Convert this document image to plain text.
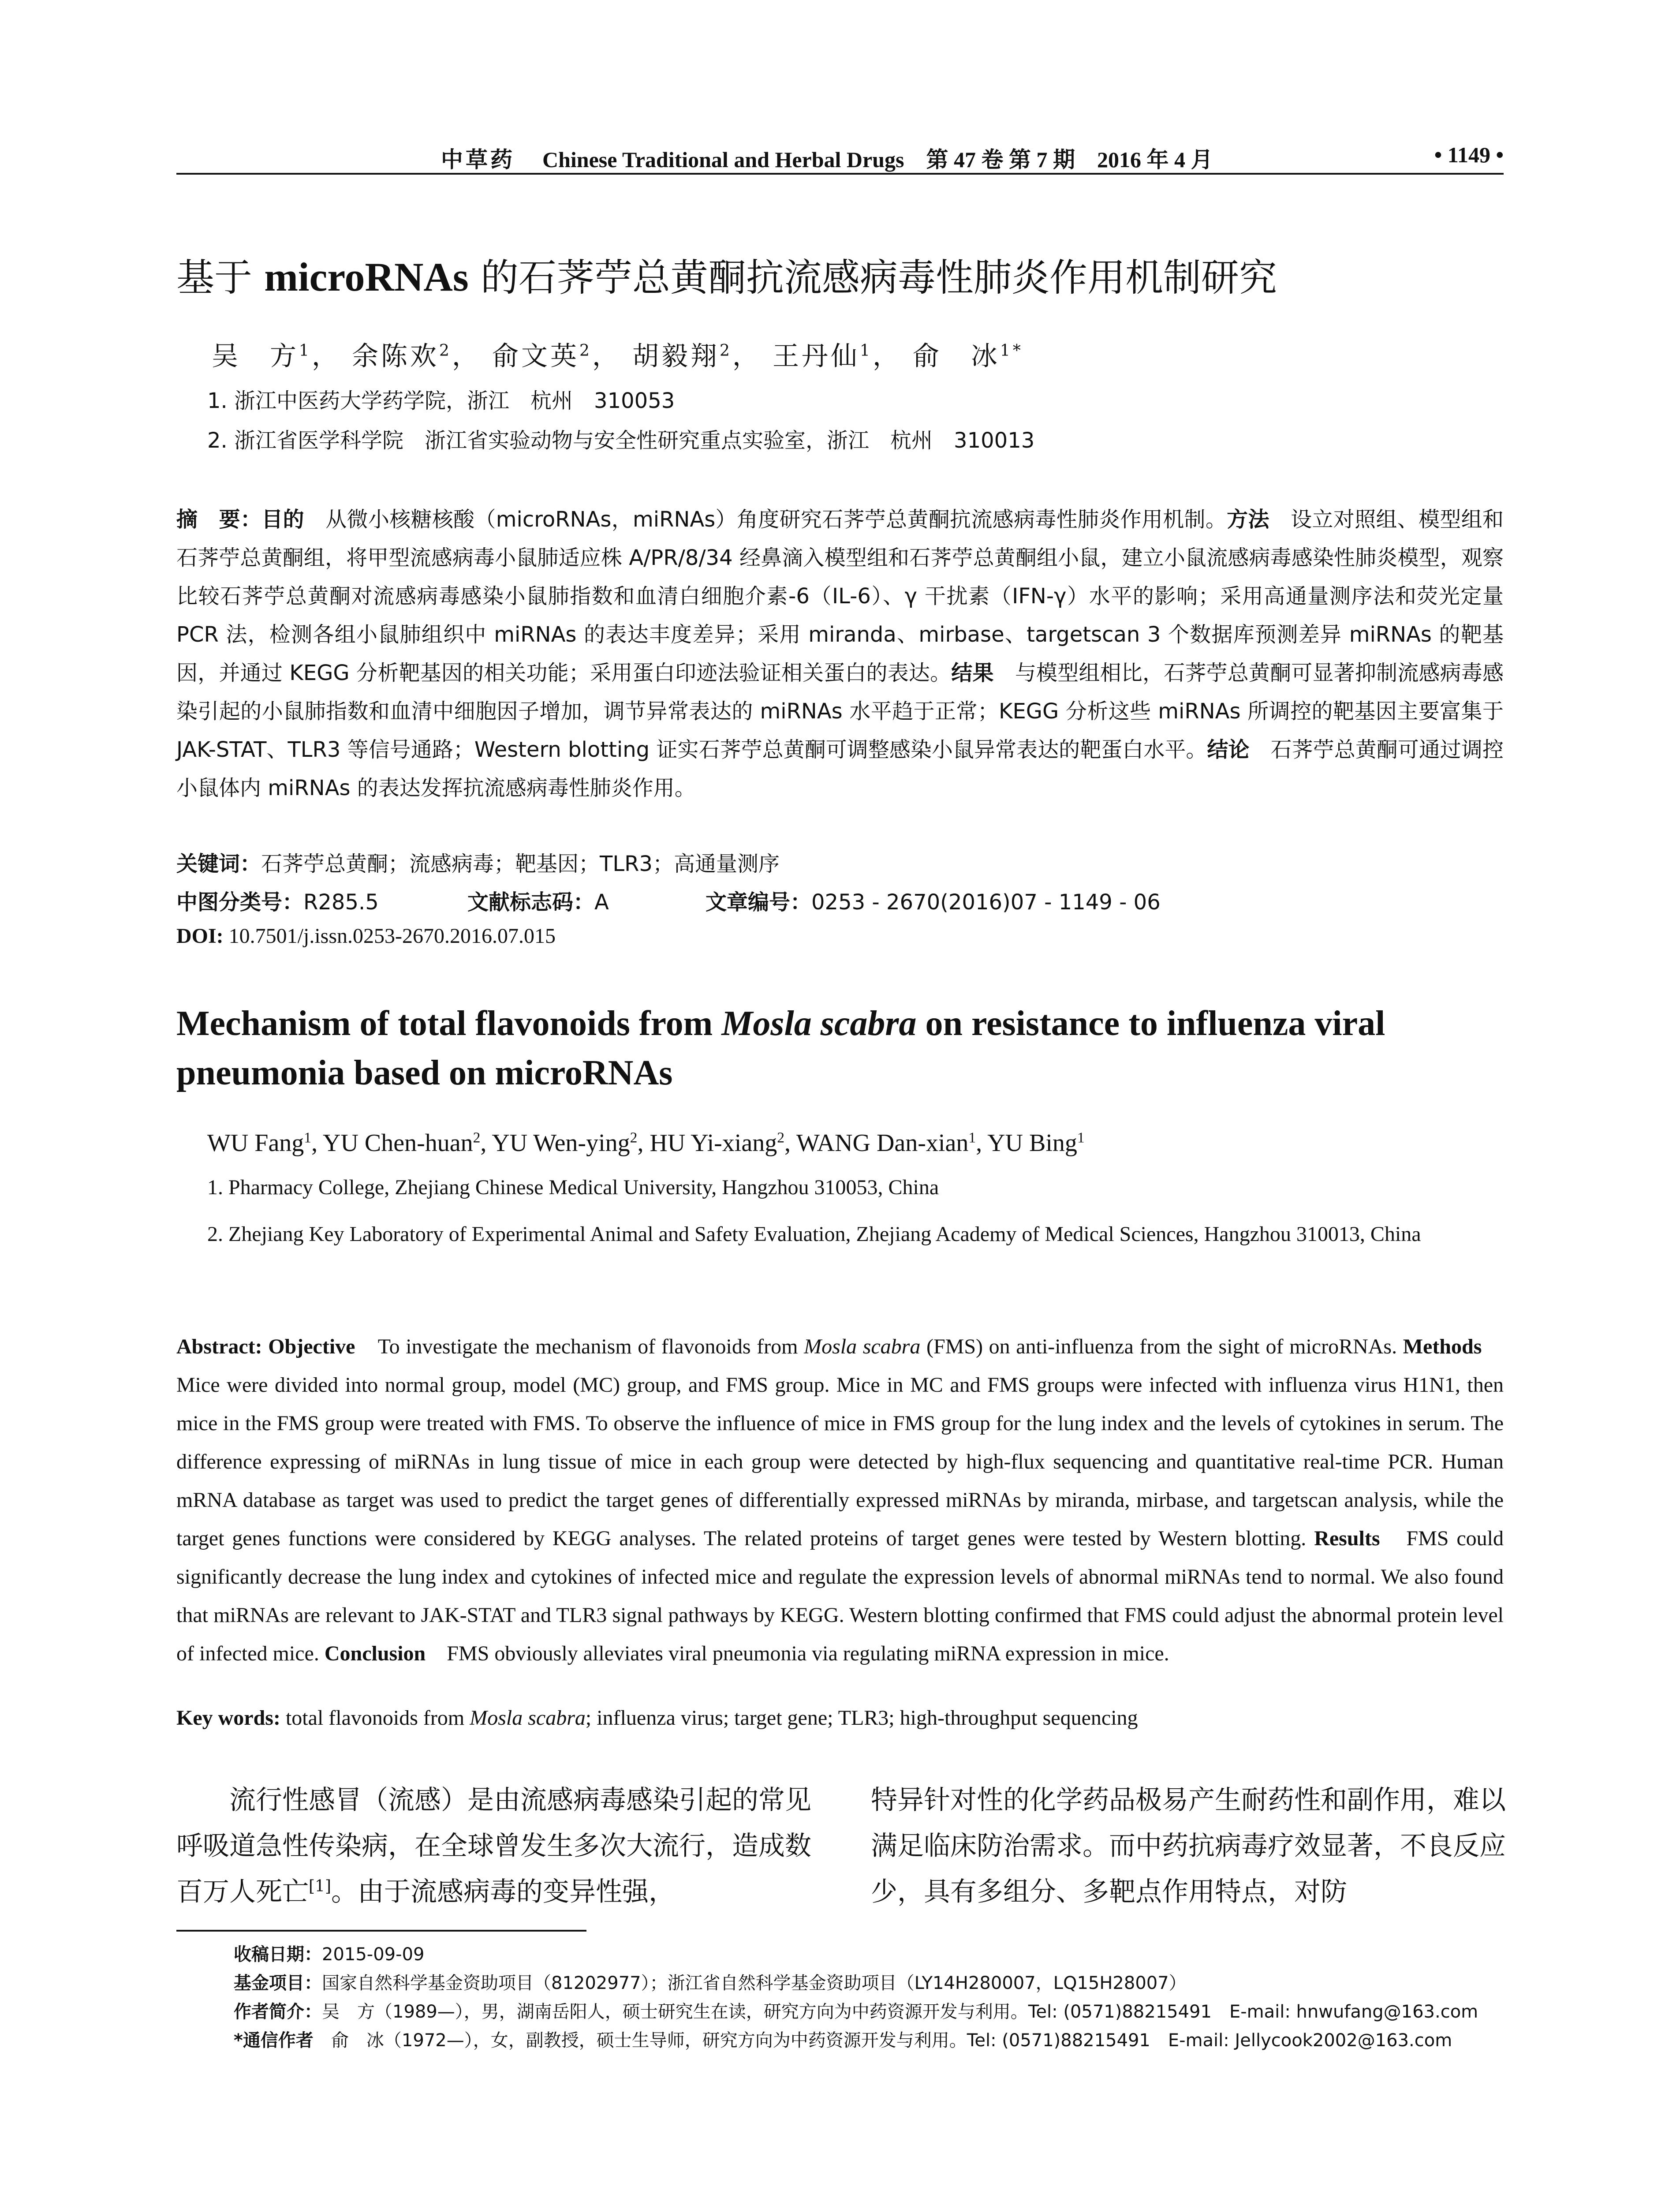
中草药 Chinese Traditional and Herbal Drugs　第 47 卷 第 7 期　2016 年 4 月	• 1149 •
基于 microRNAs 的石荠苧总黄酮抗流感病毒性肺炎作用机制研究
吴　方$^1$， 余陈欢$^2$， 俞文英$^2$， 胡毅翔$^2$， 王丹仙$^1$， 俞　冰$^{1*}$
1. 浙江中医药大学药学院，浙江　杭州　310053
2. 浙江省医学科学院　浙江省实验动物与安全性研究重点实验室，浙江　杭州　310013
摘　要：目的　从微小核糖核酸（microRNAs，miRNAs）角度研究石荠苧总黄酮抗流感病毒性肺炎作用机制。方法　设立对照组、模型组和石荠苧总黄酮组，将甲型流感病毒小鼠肺适应株 A/PR/8/34 经鼻滴入模型组和石荠苧总黄酮组小鼠，建立小鼠流感病毒感染性肺炎模型，观察比较石荠苧总黄酮对流感病毒感染小鼠肺指数和血清白细胞介素-6（IL-6）、γ 干扰素（IFN-γ）水平的影响；采用高通量测序法和荧光定量 PCR 法，检测各组小鼠肺组织中 miRNAs 的表达丰度差异；采用 miranda、mirbase、targetscan 3 个数据库预测差异 miRNAs 的靶基因，并通过 KEGG 分析靶基因的相关功能；采用蛋白印迹法验证相关蛋白的表达。结果　与模型组相比，石荠苧总黄酮可显著抑制流感病毒感染引起的小鼠肺指数和血清中细胞因子增加，调节异常表达的 miRNAs 水平趋于正常；KEGG 分析这些 miRNAs 所调控的靶基因主要富集于 JAK-STAT、TLR3 等信号通路；Western blotting 证实石荠苧总黄酮可调整感染小鼠异常表达的靶蛋白水平。结论　石荠苧总黄酮可通过调控小鼠体内 miRNAs 的表达发挥抗流感病毒性肺炎作用。
关键词：石荠苧总黄酮；流感病毒；靶基因；TLR3；高通量测序
中图分类号：R285.5	文献标志码：A	文章编号：0253 - 2670(2016)07 - 1149 - 06
DOI: 10.7501/j.issn.0253-2670.2016.07.015
Mechanism of total flavonoids from Mosla scabra on resistance to influenza viral pneumonia based on microRNAs
WU Fang$^1$, YU Chen-huan$^2$, YU Wen-ying$^2$, HU Yi-xiang$^2$, WANG Dan-xian$^1$, YU Bing$^1$
1. Pharmacy College, Zhejiang Chinese Medical University, Hangzhou 310053, China
2. Zhejiang Key Laboratory of Experimental Animal and Safety Evaluation, Zhejiang Academy of Medical Sciences, Hangzhou 310013, China
Abstract: Objective　To investigate the mechanism of flavonoids from Mosla scabra (FMS) on anti-influenza from the sight of microRNAs. Methods　Mice were divided into normal group, model (MC) group, and FMS group. Mice in MC and FMS groups were infected with influenza virus H1N1, then mice in the FMS group were treated with FMS. To observe the influence of mice in FMS group for the lung index and the levels of cytokines in serum. The difference expressing of miRNAs in lung tissue of mice in each group were detected by high-flux sequencing and quantitative real-time PCR. Human mRNA database as target was used to predict the target genes of differentially expressed miRNAs by miranda, mirbase, and targetscan analysis, while the target genes functions were considered by KEGG analyses. The related proteins of target genes were tested by Western blotting. Results　FMS could significantly decrease the lung index and cytokines of infected mice and regulate the expression levels of abnormal miRNAs tend to normal. We also found that miRNAs are relevant to JAK-STAT and TLR3 signal pathways by KEGG. Western blotting confirmed that FMS could adjust the abnormal protein level of infected mice. Conclusion　FMS obviously alleviates viral pneumonia via regulating miRNA expression in mice.
Key words: total flavonoids from Mosla scabra; influenza virus; target gene; TLR3; high-throughput sequencing
流行性感冒（流感）是由流感病毒感染引起的常见呼吸道急性传染病，在全球曾发生多次大流行，造成数百万人死亡[1]。由于流感病毒的变异性强，
特异针对性的化学药品极易产生耐药性和副作用，难以满足临床防治需求。而中药抗病毒疗效显著，不良反应少，具有多组分、多靶点作用特点，对防
收稿日期：2015-09-09
基金项目：国家自然科学基金资助项目（81202977）；浙江省自然科学基金资助项目（LY14H280007，LQ15H28007）
作者简介：吴　方（1989—），男，湖南岳阳人，硕士研究生在读，研究方向为中药资源开发与利用。Tel: (0571)88215491　E-mail: hnwufang@163.com
*通信作者　俞　冰（1972—），女，副教授，硕士生导师，研究方向为中药资源开发与利用。Tel: (0571)88215491　E-mail: Jellycook2002@163.com
